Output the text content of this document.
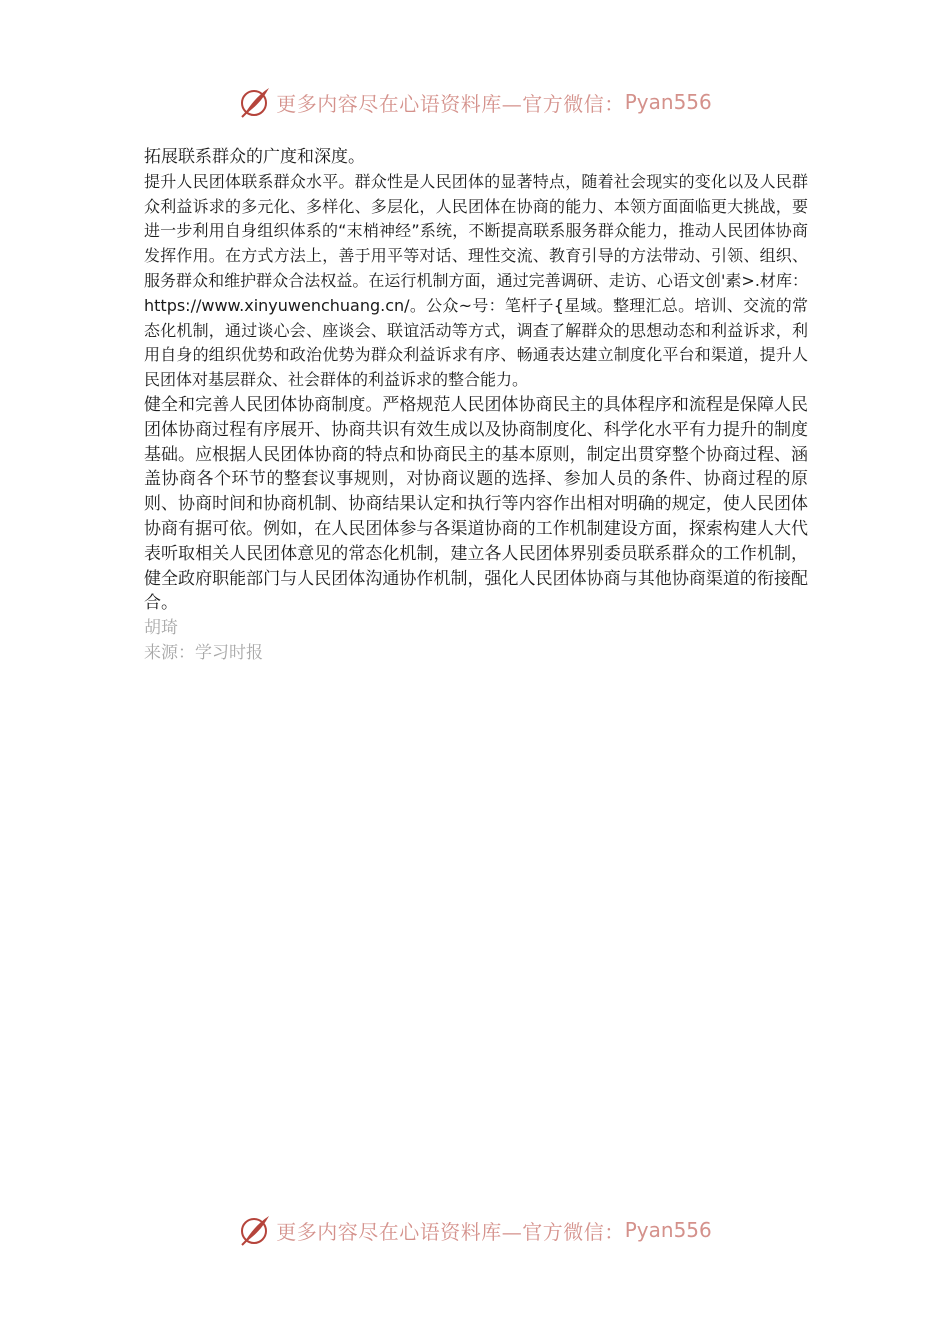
更多内容尽在心语资料库—官方微信： Pyan556

拓展联系群众的广度和深度。

提升人民团体联系群众水平。群众性是人民团体的显著特点，随着社会现实的变化以及人民群众利益诉求的多元化、多样化、多层化，人民团体在协商的能力、本领方面面临更大挑战，要进一步利用自身组织体系的“末梢神经”系统，不断提高联系服务群众能力，推动人民团体协商发挥作用。在方式方法上，善于用平等对话、理性交流、教育引导的方法带动、引领、组织、服务群众和维护群众合法权益。在运行机制方面，通过完善调研、走访、心语文创'素>.材库：https://www.xinyuwenchuang.cn/。公众~号：笔杆子{星域。整理汇总。培训、交流的常态化机制，通过谈心会、座谈会、联谊活动等方式，调查了解群众的思想动态和利益诉求，利用自身的组织优势和政治优势为群众利益诉求有序、畅通表达建立制度化平台和渠道，提升人民团体对基层群众、社会群体的利益诉求的整合能力。

健全和完善人民团体协商制度。严格规范人民团体协商民主的具体程序和流程是保障人民团体协商过程有序展开、协商共识有效生成以及协商制度化、科学化水平有力提升的制度基础。应根据人民团体协商的特点和协商民主的基本原则，制定出贯穿整个协商过程、涵盖协商各个环节的整套议事规则，对协商议题的选择、参加人员的条件、协商过程的原则、协商时间和协商机制、协商结果认定和执行等内容作出相对明确的规定，使人民团体协商有据可依。例如，在人民团体参与各渠道协商的工作机制建设方面，探索构建人大代表听取相关人民团体意见的常态化机制，建立各人民团体界别委员联系群众的工作机制，健全政府职能部门与人民团体沟通协作机制，强化人民团体协商与其他协商渠道的衔接配合。

胡琦

来源：学习时报

更多内容尽在心语资料库—官方微信： Pyan556
